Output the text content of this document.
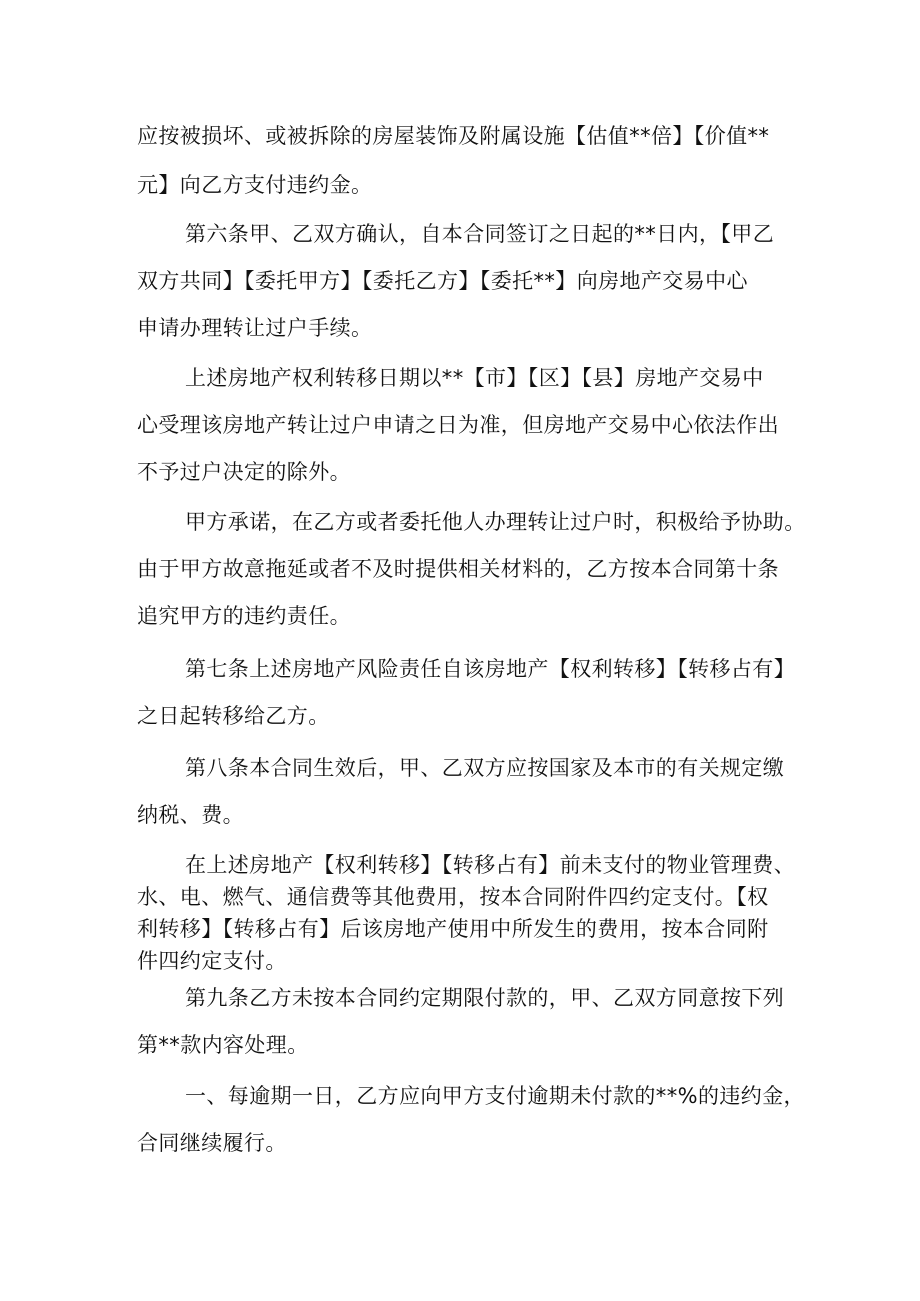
应按被损坏、或被拆除的房屋装饰及附属设施【估值**倍】【价值**
元】向乙方支付违约金。
第六条甲、乙双方确认，自本合同签订之日起的**日内，【甲乙
双方共同】【委托甲方】【委托乙方】【委托**】向房地产交易中心
申请办理转让过户手续。
上述房地产权利转移日期以**【市】【区】【县】房地产交易中
心受理该房地产转让过户申请之日为准，但房地产交易中心依法作出
不予过户决定的除外。
甲方承诺，在乙方或者委托他人办理转让过户时，积极给予协助。
由于甲方故意拖延或者不及时提供相关材料的，乙方按本合同第十条
追究甲方的违约责任。
第七条上述房地产风险责任自该房地产【权利转移】【转移占有】
之日起转移给乙方。
第八条本合同生效后，甲、乙双方应按国家及本市的有关规定缴
纳税、费。
在上述房地产【权利转移】【转移占有】前未支付的物业管理费、
水、电、燃气、通信费等其他费用，按本合同附件四约定支付。【权
利转移】【转移占有】后该房地产使用中所发生的费用，按本合同附
件四约定支付。
第九条乙方未按本合同约定期限付款的，甲、乙双方同意按下列
第**款内容处理。
一、每逾期一日，乙方应向甲方支付逾期未付款的**%的违约金，
合同继续履行。
